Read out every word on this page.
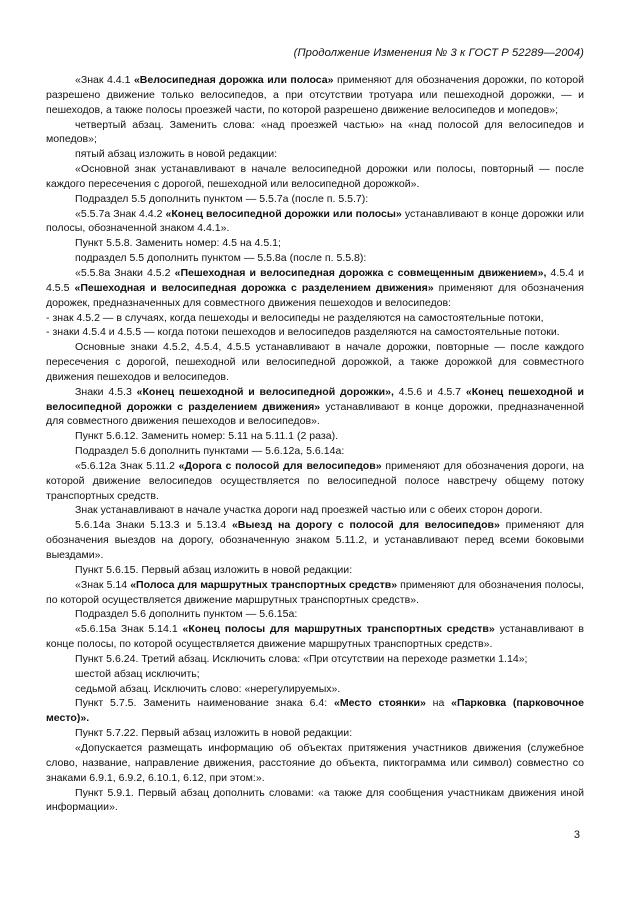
(Продолжение Изменения № 3 к ГОСТ Р 52289—2004)

«Знак 4.4.1 «Велосипедная дорожка или полоса» применяют для обозначения дорожки, по которой разрешено движение только велосипедов, а при отсутствии тротуара или пешеходной дорожки, — и пешеходов, а также полосы проезжей части, по которой разрешено движение велосипедов и мопедов»;

четвертый абзац. Заменить слова: «над проезжей частью» на «над полосой для велосипедов и мопедов»;

пятый абзац изложить в новой редакции:

«Основной знак устанавливают в начале велосипедной дорожки или полосы, повторный — после каждого пересечения с дорогой, пешеходной или велосипедной дорожкой».

Подраздел 5.5 дополнить пунктом — 5.5.7а (после п. 5.5.7):

«5.5.7а Знак 4.4.2 «Конец велосипедной дорожки или полосы» устанавливают в конце дорожки или полосы, обозначенной знаком 4.4.1».

Пункт 5.5.8. Заменить номер: 4.5 на 4.5.1;

подраздел 5.5 дополнить пунктом — 5.5.8а (после п. 5.5.8):

«5.5.8а Знаки 4.5.2 «Пешеходная и велосипедная дорожка с совмещенным движением», 4.5.4 и 4.5.5 «Пешеходная и велосипедная дорожка с разделением движения» применяют для обозначения дорожек, предназначенных для совместного движения пешеходов и велосипедов:

- знак 4.5.2 — в случаях, когда пешеходы и велосипеды не разделяются на самостоятельные потоки,

- знаки 4.5.4 и 4.5.5 — когда потоки пешеходов и велосипедов разделяются на самостоятельные потоки.

Основные знаки 4.5.2, 4.5.4, 4.5.5 устанавливают в начале дорожки, повторные — после каждого пересечения с дорогой, пешеходной или велосипедной дорожкой, а также дорожкой для совместного движения пешеходов и велосипедов.

Знаки 4.5.3 «Конец пешеходной и велосипедной дорожки», 4.5.6 и 4.5.7 «Конец пешеходной и велосипедной дорожки с разделением движения» устанавливают в конце дорожки, предназначенной для совместного движения пешеходов и велосипедов».

Пункт 5.6.12. Заменить номер: 5.11 на 5.11.1 (2 раза).

Подраздел 5.6 дополнить пунктами — 5.6.12а, 5.6.14а:

«5.6.12а Знак 5.11.2 «Дорога с полосой для велосипедов» применяют для обозначения дороги, на которой движение велосипедов осуществляется по велосипедной полосе навстречу общему потоку транспортных средств.

Знак устанавливают в начале участка дороги над проезжей частью или с обеих сторон дороги.

5.6.14а Знаки 5.13.3 и 5.13.4 «Выезд на дорогу с полосой для велосипедов» применяют для обозначения выездов на дорогу, обозначенную знаком 5.11.2, и устанавливают перед всеми боковыми выездами».

Пункт 5.6.15. Первый абзац изложить в новой редакции:

«Знак 5.14 «Полоса для маршрутных транспортных средств» применяют для обозначения полосы, по которой осуществляется движение маршрутных транспортных средств».

Подраздел 5.6 дополнить пунктом — 5.6.15а:

«5.6.15а Знак 5.14.1 «Конец полосы для маршрутных транспортных средств» устанавливают в конце полосы, по которой осуществляется движение маршрутных транспортных средств».

Пункт 5.6.24. Третий абзац. Исключить слова: «При отсутствии на переходе разметки 1.14»;

шестой абзац исключить;

седьмой абзац. Исключить слово: «нерегулируемых».

Пункт 5.7.5. Заменить наименование знака 6.4: «Место стоянки» на «Парковка (парковочное место)».

Пункт 5.7.22. Первый абзац изложить в новой редакции:

«Допускается размещать информацию об объектах притяжения участников движения (служебное слово, название, направление движения, расстояние до объекта, пиктограмма или символ) совместно со знаками 6.9.1, 6.9.2, 6.10.1, 6.12, при этом:».

Пункт 5.9.1. Первый абзац дополнить словами: «а также для сообщения участникам движения иной информации».

3
